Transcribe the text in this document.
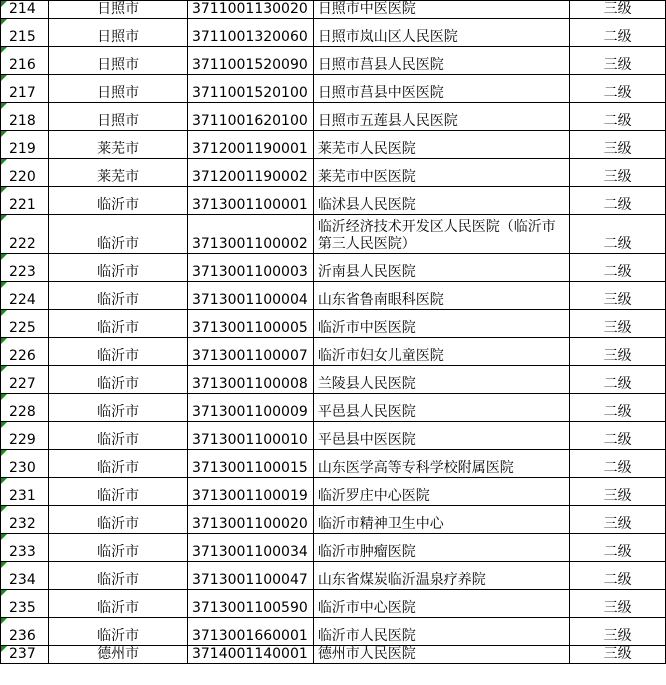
214	日照市	3711001130020	日照市中医医院	三级
215	日照市	3711001320060	日照市岚山区人民医院	二级
216	日照市	3711001520090	日照市莒县人民医院	三级
217	日照市	3711001520100	日照市莒县中医医院	二级
218	日照市	3711001620100	日照市五莲县人民医院	二级
219	莱芜市	3712001190001	莱芜市人民医院	三级
220	莱芜市	3712001190002	莱芜市中医医院	三级
221	临沂市	3713001100001	临沭县人民医院	二级
222	临沂市	3713001100002	临沂经济技术开发区人民医院（临沂市第三人民医院）	二级
223	临沂市	3713001100003	沂南县人民医院	二级
224	临沂市	3713001100004	山东省鲁南眼科医院	三级
225	临沂市	3713001100005	临沂市中医医院	三级
226	临沂市	3713001100007	临沂市妇女儿童医院	三级
227	临沂市	3713001100008	兰陵县人民医院	二级
228	临沂市	3713001100009	平邑县人民医院	二级
229	临沂市	3713001100010	平邑县中医医院	二级
230	临沂市	3713001100015	山东医学高等专科学校附属医院	二级
231	临沂市	3713001100019	临沂罗庄中心医院	三级
232	临沂市	3713001100020	临沂市精神卫生中心	三级
233	临沂市	3713001100034	临沂市肿瘤医院	二级
234	临沂市	3713001100047	山东省煤炭临沂温泉疗养院	二级
235	临沂市	3713001100590	临沂市中心医院	三级
236	临沂市	3713001660001	临沂市人民医院	三级
237	德州市	3714001140001	德州市人民医院	三级
